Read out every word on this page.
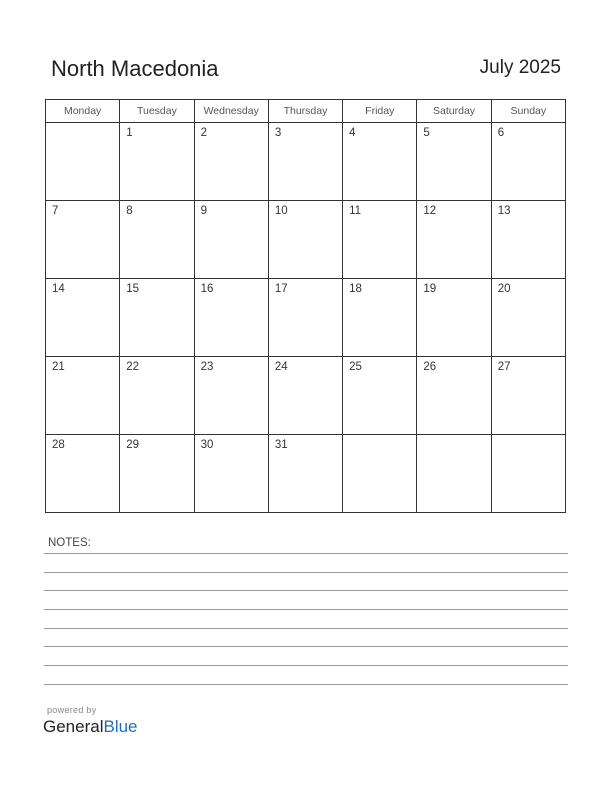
North Macedonia	July 2025
Monday	Tuesday	Wednesday	Thursday	Friday	Saturday	Sunday

	1	2	3	4	5	6

7	8	9	10	11	12	13

14	15	16	17	18	19	20

21	22	23	24	25	26	27

28	29	30	31			

NOTES:
powered by
GeneralBlue
